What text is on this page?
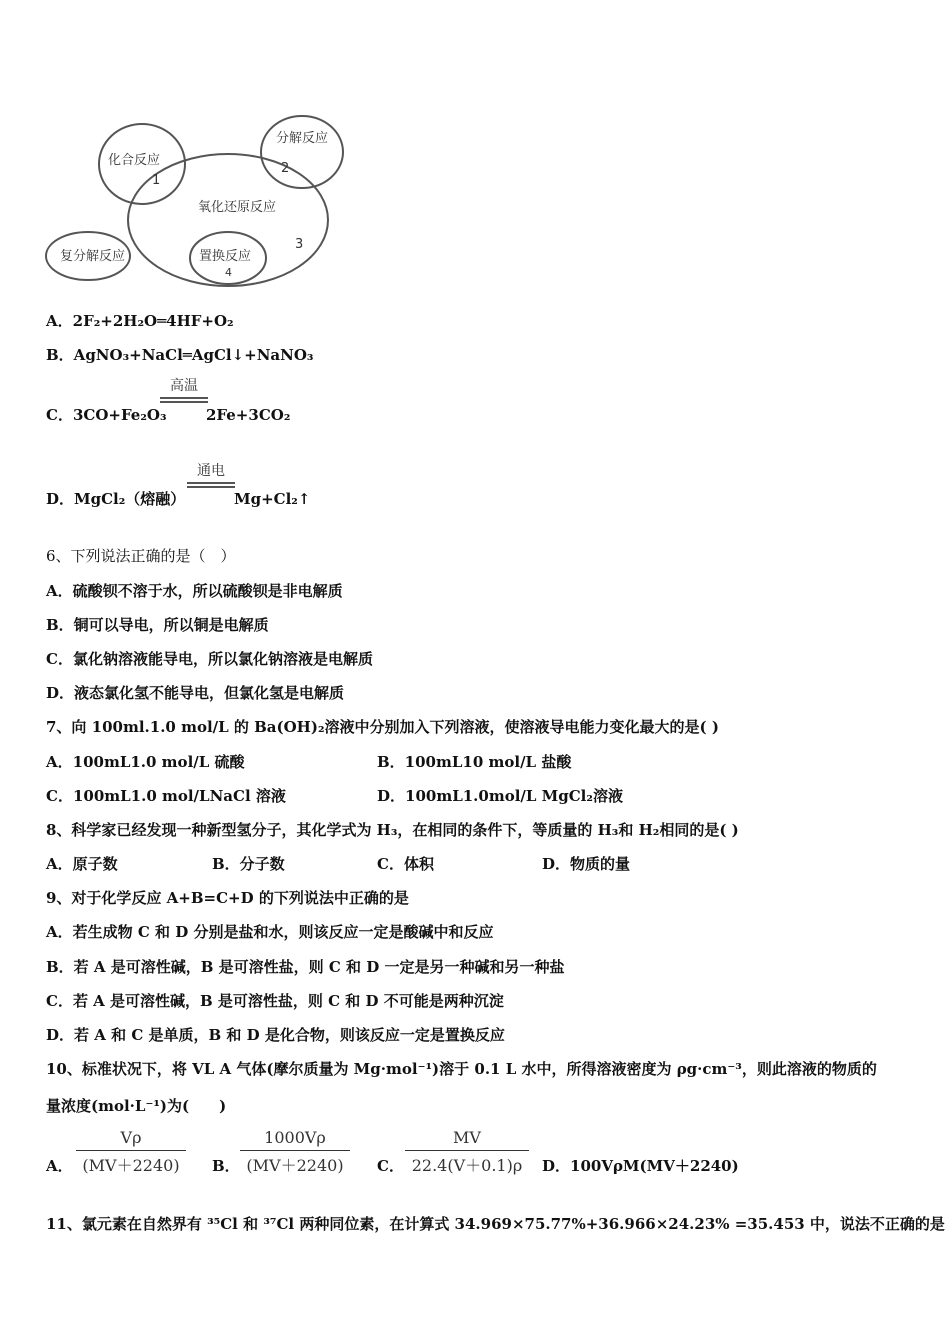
化合反应
分解反应
氧化还原反应
复分解反应	置换反应
1
2
3
4
A．2F₂+2H₂O═4HF+O₂
B．AgNO₃+NaCl═AgCl↓+NaNO₃
C．3CO+Fe₂O₃
高温
2Fe+3CO₂
D．MgCl₂（熔融）
通电
Mg+Cl₂↑
6、下列说法正确的是（　）
A．硫酸钡不溶于水，所以硫酸钡是非电解质
B．铜可以导电，所以铜是电解质
C．氯化钠溶液能导电，所以氯化钠溶液是电解质
D．液态氯化氢不能导电，但氯化氢是电解质
7、向 100ml.1.0 mol/L 的 Ba(OH)₂溶液中分别加入下列溶液，使溶液导电能力变化最大的是( )
A．100mL1.0 mol/L 硫酸	B．100mL10 mol/L 盐酸
C．100mL1.0 mol/LNaCl 溶液	D．100mL1.0mol/L MgCl₂溶液
8、科学家已经发现一种新型氢分子，其化学式为 H₃，在相同的条件下，等质量的 H₃和 H₂相同的是( )
A．原子数	B．分子数	C．体积	D．物质的量
9、对于化学反应 A+B=C+D 的下列说法中正确的是
A．若生成物 C 和 D 分别是盐和水，则该反应一定是酸碱中和反应
B．若 A 是可溶性碱，B 是可溶性盐，则 C 和 D 一定是另一种碱和另一种盐
C．若 A 是可溶性碱，B 是可溶性盐，则 C 和 D 不可能是两种沉淀
D．若 A 和 C 是单质，B 和 D 是化合物，则该反应一定是置换反应
10、标准状况下，将 VL A 气体(摩尔质量为 Mg·mol⁻¹)溶于 0.1 L 水中，所得溶液密度为 ρg·cm⁻³，则此溶液的物质的
量浓度(mol·L⁻¹)为(　　)
A． $\frac{V\rho}{(MV+2240)}$ B． $\frac{1000V\rho}{(MV+2240)}$ C． $\frac{MV}{22.4(V+0.1)\rho}$ D．100VρM(MV＋2240)
11、氯元素在自然界有 ³⁵Cl 和 ³⁷Cl 两种同位素，在计算式 34.969×75.77%+36.966×24.23% =35.453 中，说法不正确的是
